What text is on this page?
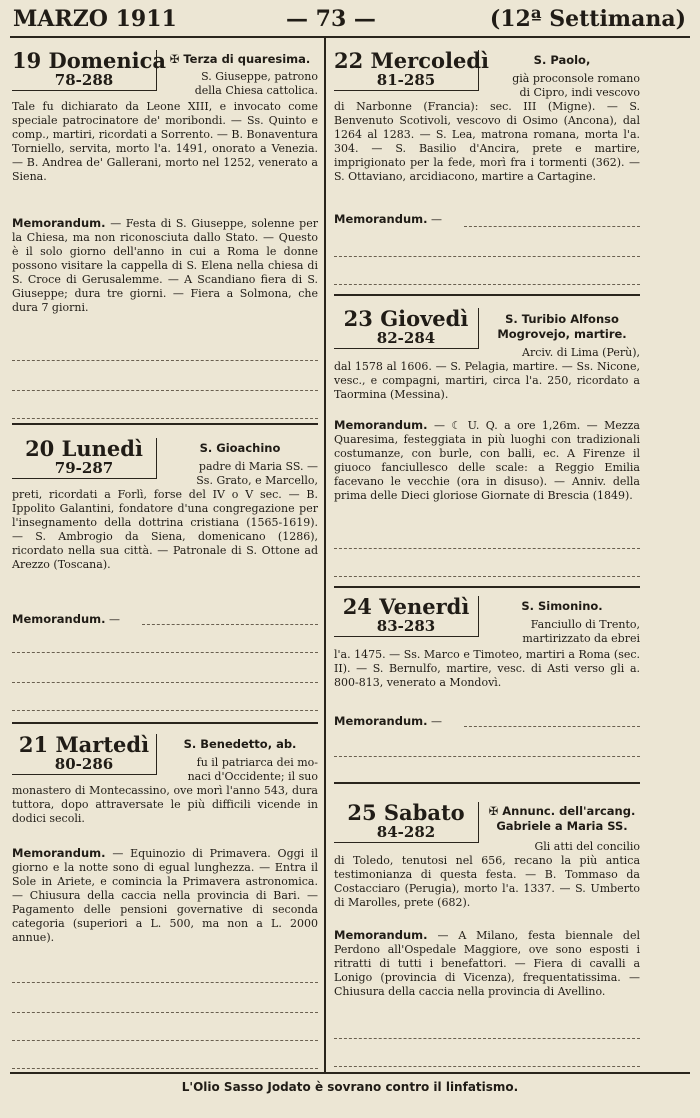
MARZO 1911	— 73 —	(12ª Settimana)
19 Domenica
78-288
✠ Terza di quaresima.
S. Giuseppe, patrono
della Chiesa cattolica.
Tale fu dichiarato da Leone XIII, e invocato come speciale patrocinatore de' moribondi. — Ss. Quinto e comp., martiri, ricordati a Sorrento. — B. Bonaventura Torniello, servita, morto l'a. 1491, onorato a Venezia. — B. Andrea de' Gallerani, morto nel 1252, venerato a Siena.
Memorandum. — Festa di S. Giuseppe, solenne per la Chiesa, ma non riconosciuta dallo Stato. — Questo è il solo giorno dell'anno in cui a Roma le donne possono visitare la cappella di S. Elena nella chiesa di S. Croce di Gerusalemme. — A Scandiano fiera di S. Giuseppe; dura tre giorni. — Fiera a Solmona, che dura 7 giorni.
20 Lunedì
79-287
S. Gioachino
padre di Maria SS. —
Ss. Grato, e Marcello,
preti, ricordati a Forlì, forse del IV o V sec. — B. Ippolito Galantini, fondatore d'una congregazione per l'insegnamento della dottrina cristiana (1565-1619). — S. Ambrogio da Siena, domenicano (1286), ricordato nella sua città. — Patronale di S. Ottone ad Arezzo (Toscana).
Memorandum. —
21 Martedì
80-286
S. Benedetto, ab.
fu il patriarca dei mo-
naci d'Occidente; il suo
monastero di Montecassino, ove morì l'anno 543, dura tuttora, dopo attraversate le più difficili vicende in dodici secoli.
Memorandum. — Equinozio di Primavera. Oggi il giorno e la notte sono di egual lunghezza. — Entra il Sole in Ariete, e comincia la Primavera astronomica. — Chiusura della caccia nella provincia di Bari. — Pagamento delle pensioni governative di seconda categoria (superiori a L. 500, ma non a L. 2000 annue).
22 Mercoledì
81-285
S. Paolo,
già proconsole romano
di Cipro, indi vescovo
di Narbonne (Francia): sec. III (Migne). — S. Benvenuto Scotivoli, vescovo di Osimo (Ancona), dal 1264 al 1283. — S. Lea, matrona romana, morta l'a. 304. — S. Basilio d'Ancira, prete e martire, imprigionato per la fede, morì fra i tormenti (362). — S. Ottaviano, arcidiacono, martire a Cartagine.
Memorandum. —
23 Giovedì
82-284
S. Turibio Alfonso
Mogrovejo, martire.
Arciv. di Lima (Perù),
dal 1578 al 1606. — S. Pelagia, martire. — Ss. Nicone, vesc., e compagni, martiri, circa l'a. 250, ricordato a Taormina (Messina).
Memorandum. — ☾ U. Q. a ore 1,26m. — Mezza Quaresima, festeggiata in più luoghi con tradizionali costumanze, con burle, con balli, ec. A Firenze il giuoco fanciullesco delle scale: a Reggio Emilia facevano le vecchie (ora in disuso). — Anniv. della prima delle Dieci gloriose Giornate di Brescia (1849).
24 Venerdì
83-283
S. Simonino.
Fanciullo di Trento,
martirizzato da ebrei
l'a. 1475. — Ss. Marco e Timoteo, martiri a Roma (sec. II). — S. Bernulfo, martire, vesc. di Asti verso gli a. 800-813, venerato a Mondovì.
Memorandum. —
25 Sabato
84-282
✠ Annunc. dell'arcang.
Gabriele a Maria SS.
Gli atti del concilio
di Toledo, tenutosi nel 656, recano la più antica testimonianza di questa festa. — B. Tommaso da Costacciaro (Perugia), morto l'a. 1337. — S. Umberto di Marolles, prete (682).
Memorandum. — A Milano, festa biennale del Perdono all'Ospedale Maggiore, ove sono esposti i ritratti di tutti i benefattori. — Fiera di cavalli a Lonigo (provincia di Vicenza), frequentatissima. — Chiusura della caccia nella provincia di Avellino.
L'Olio Sasso Jodato è sovrano contro il linfatismo.
